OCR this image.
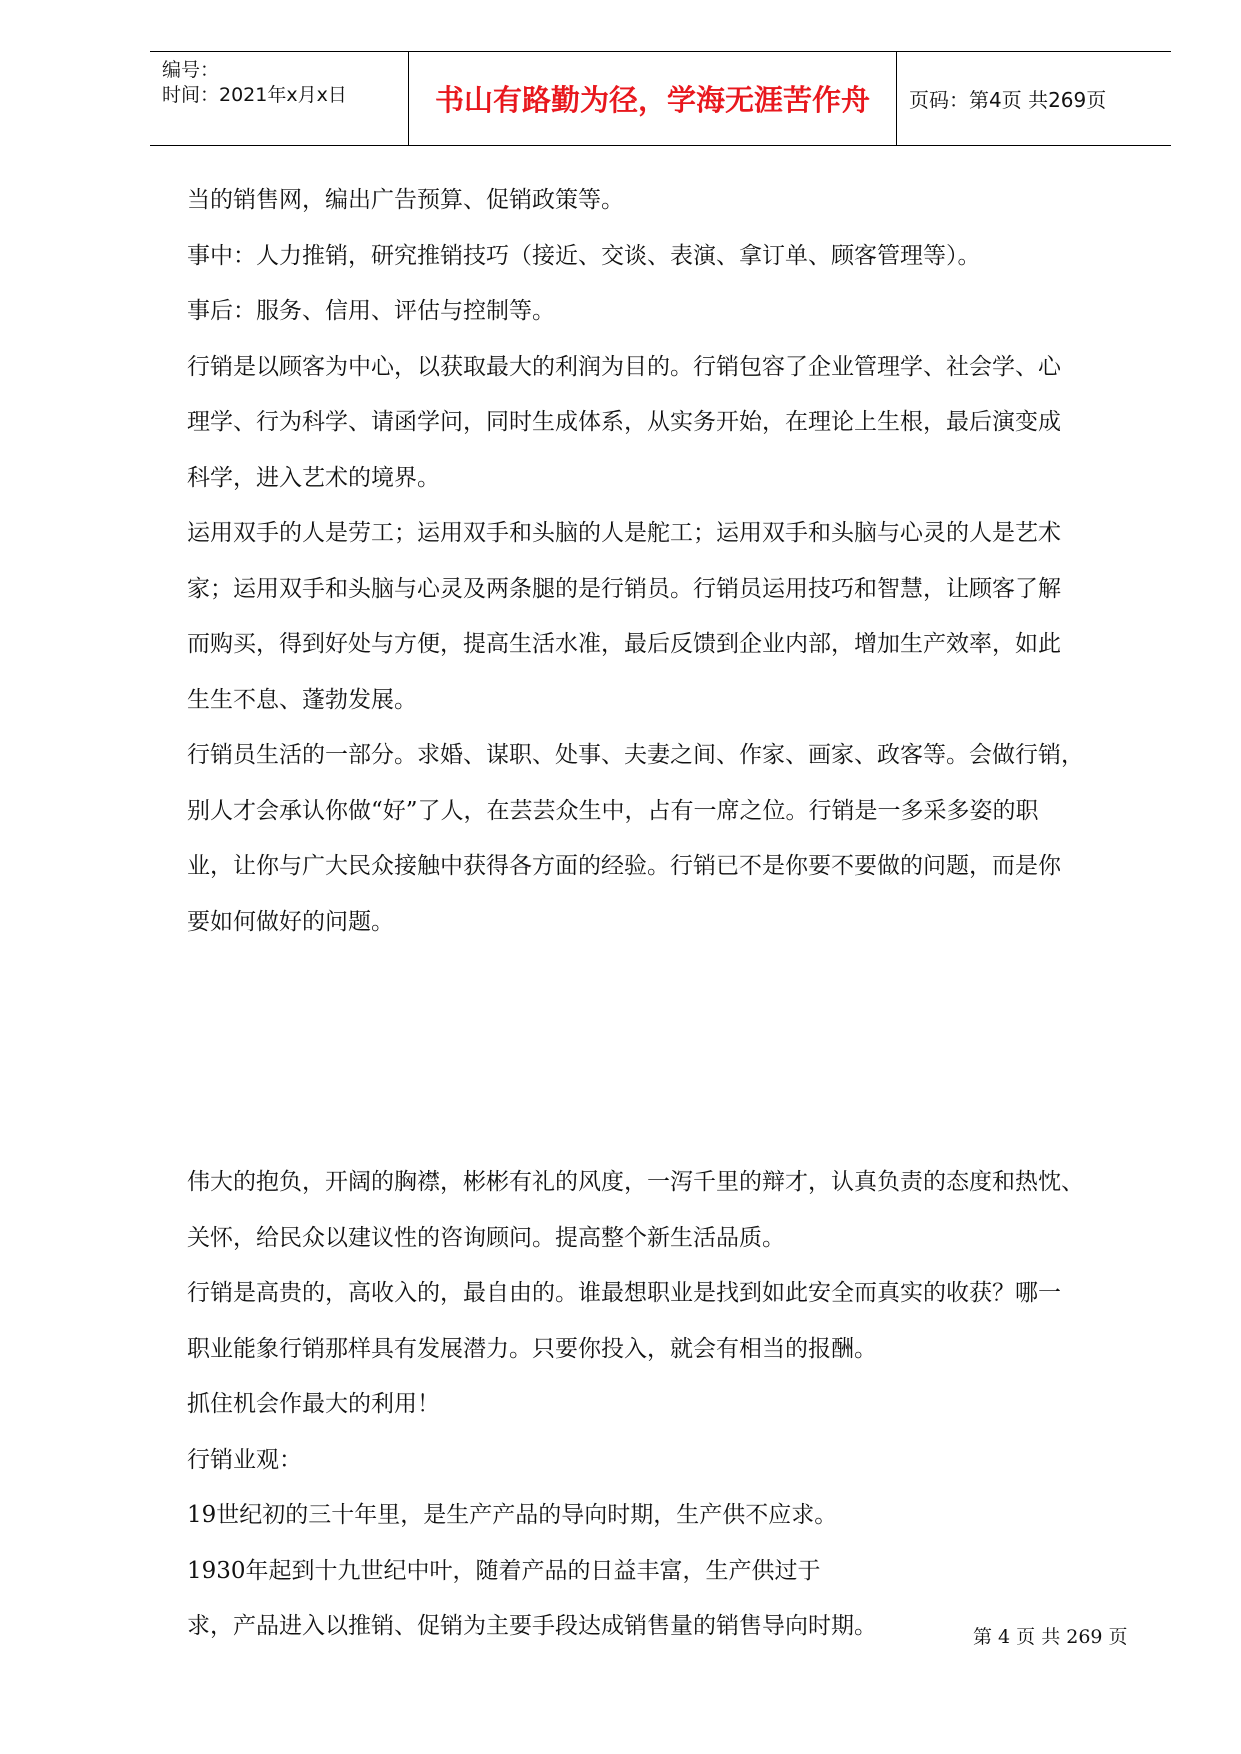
编号：
时间：2021年x月x日	书山有路勤为径，学海无涯苦作舟 页码：第4页 共269页
当的销售网，编出广告预算、促销政策等。
事中：人力推销，研究推销技巧（接近、交谈、表演、拿订单、顾客管理等）。
事后：服务、信用、评估与控制等。
行销是以顾客为中心，以获取最大的利润为目的。行销包容了企业管理学、社会学、心
理学、行为科学、请函学问，同时生成体系，从实务开始，在理论上生根，最后演变成
科学，进入艺术的境界。
运用双手的人是劳工；运用双手和头脑的人是舵工；运用双手和头脑与心灵的人是艺术
家；运用双手和头脑与心灵及两条腿的是行销员。行销员运用技巧和智慧，让顾客了解
而购买，得到好处与方便，提高生活水准，最后反馈到企业内部，增加生产效率，如此
生生不息、蓬勃发展。
行销员生活的一部分。求婚、谋职、处事、夫妻之间、作家、画家、政客等。会做行销，
别人才会承认你做“好”了人，在芸芸众生中，占有一席之位。行销是一多采多姿的职
业，让你与广大民众接触中获得各方面的经验。行销已不是你要不要做的问题，而是你
要如何做好的问题。
伟大的抱负，开阔的胸襟，彬彬有礼的风度，一泻千里的辩才，认真负责的态度和热忱、
关怀，给民众以建议性的咨询顾问。提高整个新生活品质。
行销是高贵的，高收入的，最自由的。谁最想职业是找到如此安全而真实的收获？哪一
职业能象行销那样具有发展潜力。只要你投入，就会有相当的报酬。
抓住机会作最大的利用！
行销业观：
19世纪初的三十年里，是生产产品的导向时期，生产供不应求。
1930年起到十九世纪中叶，随着产品的日益丰富，生产供过于
求，产品进入以推销、促销为主要手段达成销售量的销售导向时期。	第 4 页 共 269 页
